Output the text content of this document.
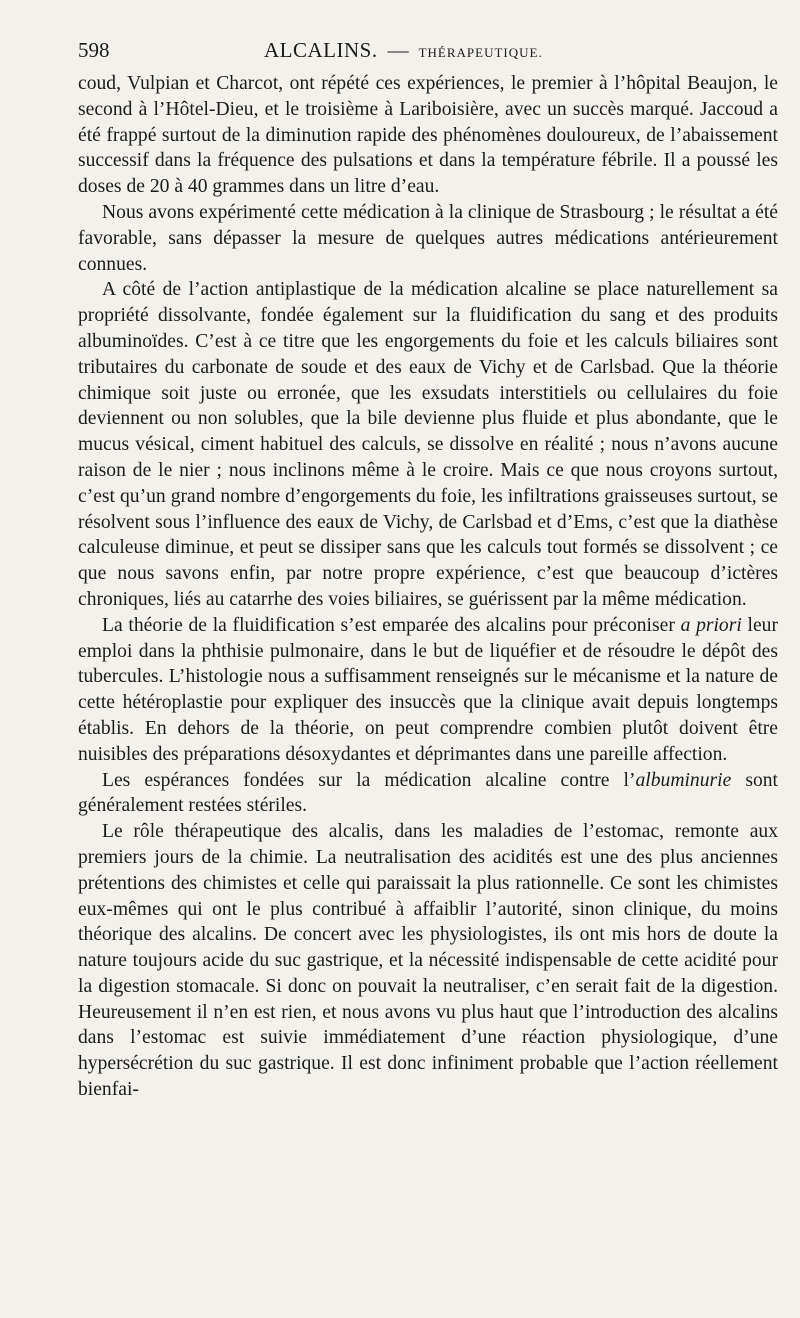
598	ALCALINS. — THÉRAPEUTIQUE.

coud, Vulpian et Charcot, ont répété ces expériences, le premier à l’hôpital Beaujon, le second à l’Hôtel-Dieu, et le troisième à Lariboisière, avec un succès marqué. Jaccoud a été frappé surtout de la diminution rapide des phénomènes douloureux, de l’abaissement successif dans la fréquence des pulsations et dans la température fébrile. Il a poussé les doses de 20 à 40 grammes dans un litre d’eau.

Nous avons expérimenté cette médication à la clinique de Strasbourg ; le résultat a été favorable, sans dépasser la mesure de quelques autres médications antérieurement connues.

A côté de l’action antiplastique de la médication alcaline se place naturellement sa propriété dissolvante, fondée également sur la fluidification du sang et des produits albuminoïdes. C’est à ce titre que les engorgements du foie et les calculs biliaires sont tributaires du carbonate de soude et des eaux de Vichy et de Carlsbad. Que la théorie chimique soit juste ou erronée, que les exsudats interstitiels ou cellulaires du foie deviennent ou non solubles, que la bile devienne plus fluide et plus abondante, que le mucus vésical, ciment habituel des calculs, se dissolve en réalité ; nous n’avons aucune raison de le nier ; nous inclinons même à le croire. Mais ce que nous croyons surtout, c’est qu’un grand nombre d’engorgements du foie, les infiltrations graisseuses surtout, se résolvent sous l’influence des eaux de Vichy, de Carlsbad et d’Ems, c’est que la diathèse calculeuse diminue, et peut se dissiper sans que les calculs tout formés se dissolvent ; ce que nous savons enfin, par notre propre expérience, c’est que beaucoup d’ictères chroniques, liés au catarrhe des voies biliaires, se guérissent par la même médication.

La théorie de la fluidification s’est emparée des alcalins pour préconiser a priori leur emploi dans la phthisie pulmonaire, dans le but de liquéfier et de résoudre le dépôt des tubercules. L’histologie nous a suffisamment renseignés sur le mécanisme et la nature de cette hétéroplastie pour expliquer des insuccès que la clinique avait depuis longtemps établis. En dehors de la théorie, on peut comprendre combien plutôt doivent être nuisibles des préparations désoxydantes et déprimantes dans une pareille affection.

Les espérances fondées sur la médication alcaline contre l’albuminurie sont généralement restées stériles.

Le rôle thérapeutique des alcalis, dans les maladies de l’estomac, remonte aux premiers jours de la chimie. La neutralisation des acidités est une des plus anciennes prétentions des chimistes et celle qui paraissait la plus rationnelle. Ce sont les chimistes eux-mêmes qui ont le plus contribué à affaiblir l’autorité, sinon clinique, du moins théorique des alcalins. De concert avec les physiologistes, ils ont mis hors de doute la nature toujours acide du suc gastrique, et la nécessité indispensable de cette acidité pour la digestion stomacale. Si donc on pouvait la neutraliser, c’en serait fait de la digestion. Heureusement il n’en est rien, et nous avons vu plus haut que l’introduction des alcalins dans l’estomac est suivie immédiatement d’une réaction physiologique, d’une hypersécrétion du suc gastrique. Il est donc infiniment probable que l’action réellement bienfai-
